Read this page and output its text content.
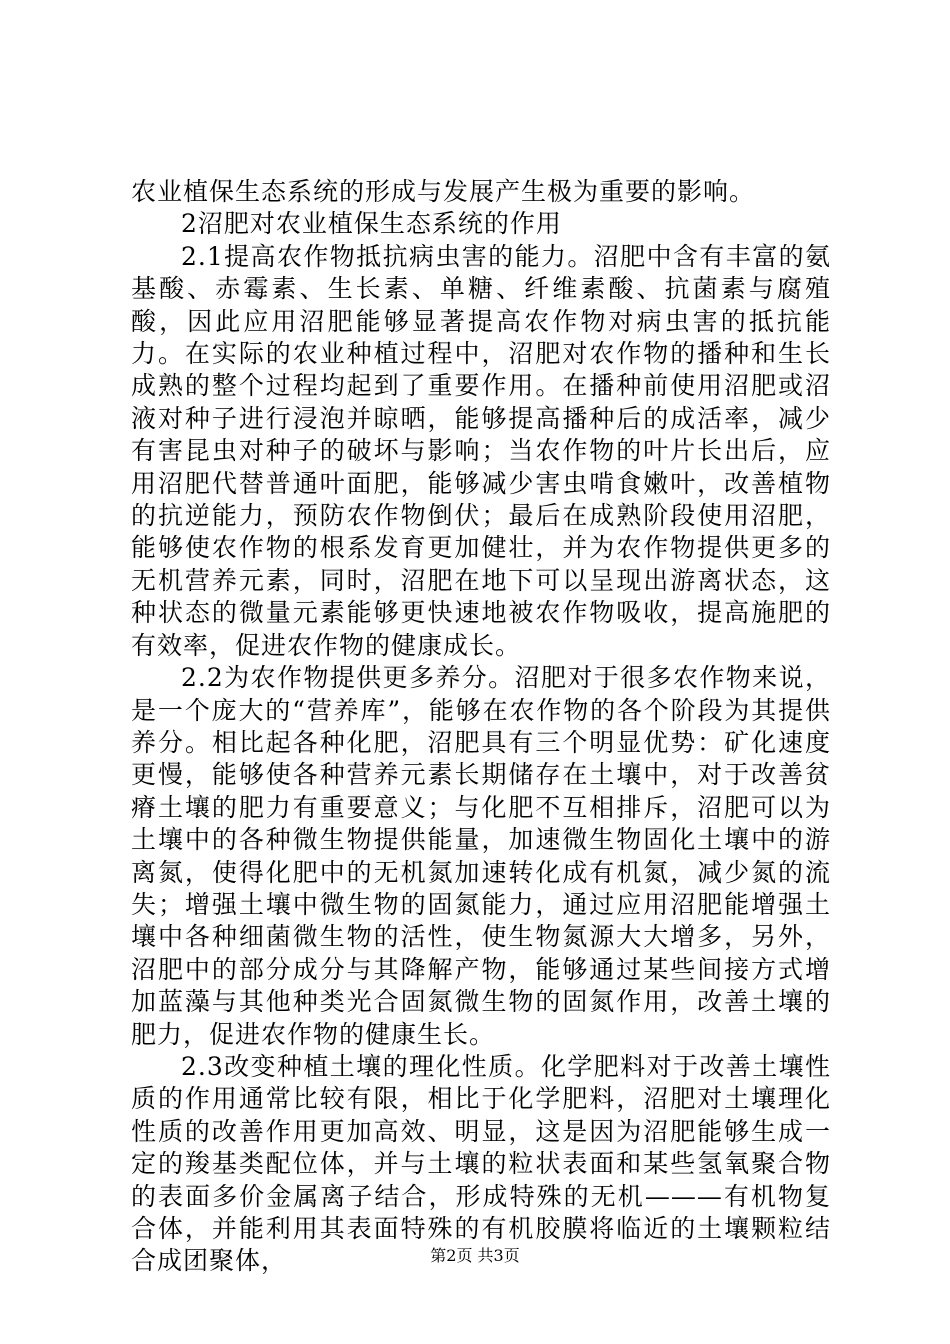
农业植保生态系统的形成与发展产生极为重要的影响。

2沼肥对农业植保生态系统的作用

2.1提高农作物抵抗病虫害的能力。沼肥中含有丰富的氨基酸、赤霉素、生长素、单糖、纤维素酸、抗菌素与腐殖酸，因此应用沼肥能够显著提高农作物对病虫害的抵抗能力。在实际的农业种植过程中，沼肥对农作物的播种和生长成熟的整个过程均起到了重要作用。在播种前使用沼肥或沼液对种子进行浸泡并晾晒，能够提高播种后的成活率，减少有害昆虫对种子的破坏与影响；当农作物的叶片长出后，应用沼肥代替普通叶面肥，能够减少害虫啃食嫩叶，改善植物的抗逆能力，预防农作物倒伏；最后在成熟阶段使用沼肥，能够使农作物的根系发育更加健壮，并为农作物提供更多的无机营养元素，同时，沼肥在地下可以呈现出游离状态，这种状态的微量元素能够更快速地被农作物吸收，提高施肥的有效率，促进农作物的健康成长。

2.2为农作物提供更多养分。沼肥对于很多农作物来说，是一个庞大的“营养库”，能够在农作物的各个阶段为其提供养分。相比起各种化肥，沼肥具有三个明显优势：矿化速度更慢，能够使各种营养元素长期储存在土壤中，对于改善贫瘠土壤的肥力有重要意义；与化肥不互相排斥，沼肥可以为土壤中的各种微生物提供能量，加速微生物固化土壤中的游离氮，使得化肥中的无机氮加速转化成有机氮，减少氮的流失；增强土壤中微生物的固氮能力，通过应用沼肥能增强土壤中各种细菌微生物的活性，使生物氮源大大增多，另外，沼肥中的部分成分与其降解产物，能够通过某些间接方式增加蓝藻与其他种类光合固氮微生物的固氮作用，改善土壤的肥力，促进农作物的健康生长。

2.3改变种植土壤的理化性质。化学肥料对于改善土壤性质的作用通常比较有限，相比于化学肥料，沼肥对土壤理化性质的改善作用更加高效、明显，这是因为沼肥能够生成一定的羧基类配位体，并与土壤的粒状表面和某些氢氧聚合物的表面多价金属离子结合，形成特殊的无机———有机物复合体，并能利用其表面特殊的有机胶膜将临近的土壤颗粒结合成团聚体，	第2页 共3页
